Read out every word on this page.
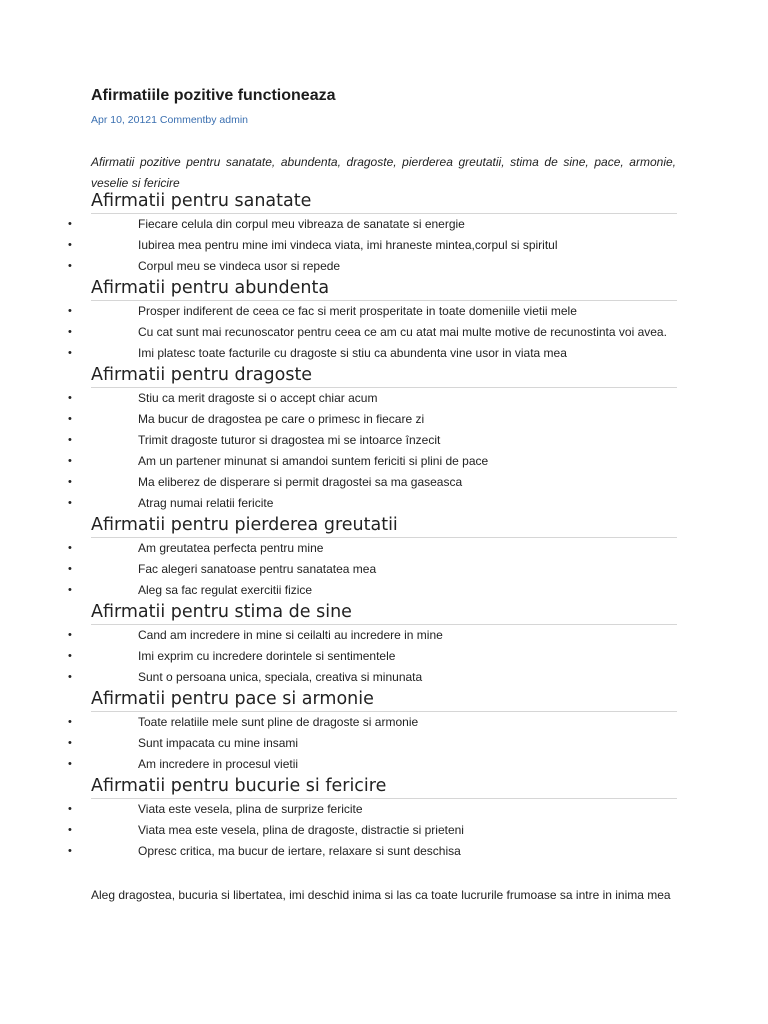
Afirmatiile pozitive functioneaza
Apr 10, 20121 Commentby admin
Afirmatii pozitive pentru sanatate, abundenta, dragoste, pierderea greutatii, stima de sine, pace, armonie, veselie si fericire
Afirmatii pentru sanatate
•	Fiecare celula din corpul meu vibreaza de sanatate si energie
•	Iubirea mea pentru mine imi vindeca viata, imi hraneste mintea,corpul si spiritul
•	Corpul meu se vindeca usor si repede
Afirmatii pentru abundenta
•	Prosper indiferent de ceea ce fac si merit prosperitate in toate domeniile vietii mele
•	Cu cat sunt mai recunoscator pentru ceea ce am cu atat mai multe motive de recunostinta voi avea.
•	Imi platesc toate facturile cu dragoste si stiu ca abundenta vine usor in viata mea
Afirmatii pentru dragoste
•	Stiu ca merit dragoste si o accept chiar acum
•	Ma bucur de dragostea pe care o primesc in fiecare zi
•	Trimit dragoste tuturor si dragostea mi se intoarce înzecit
•	Am un partener minunat si amandoi suntem fericiti si plini de pace
•	Ma eliberez de disperare si permit dragostei sa ma gaseasca
•	Atrag numai relatii fericite
Afirmatii pentru pierderea greutatii
•	Am greutatea perfecta pentru mine
•	Fac alegeri sanatoase pentru sanatatea mea
•	Aleg sa fac regulat exercitii fizice
Afirmatii pentru stima de sine
•	Cand am incredere in mine si ceilalti au incredere in mine
•	Imi exprim cu incredere dorintele si sentimentele
•	Sunt o persoana unica, speciala, creativa si minunata
Afirmatii pentru pace si armonie
•	Toate relatiile mele sunt pline de dragoste si armonie
•	Sunt impacata cu mine insami
•	Am incredere in procesul vietii
Afirmatii pentru bucurie si fericire
•	Viata este vesela, plina de surprize fericite
•	Viata mea este vesela, plina de dragoste, distractie si prieteni
•	Opresc critica, ma bucur de iertare, relaxare si sunt deschisa
Aleg dragostea, bucuria si libertatea, imi deschid inima si las ca toate lucrurile frumoase sa intre in inima mea
